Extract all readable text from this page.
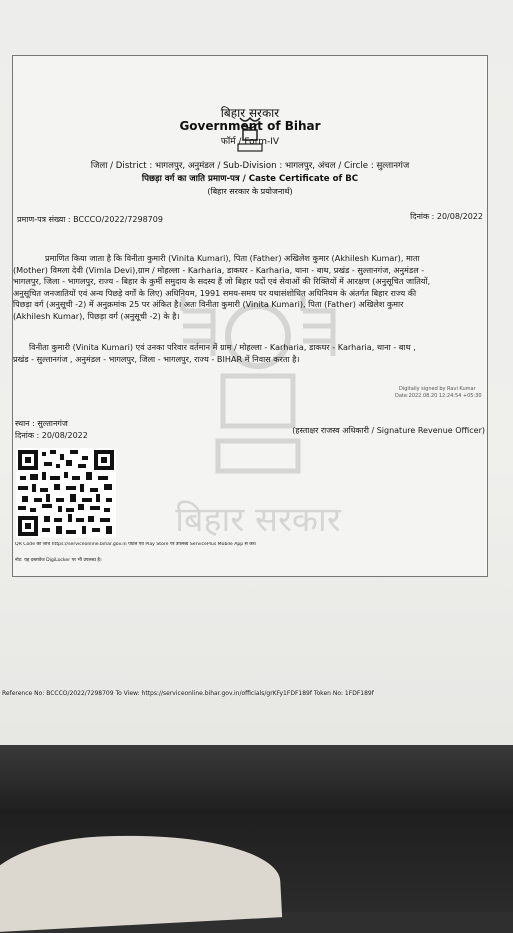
बिहार सरकार
बिहार सरकार
Government of Bihar
फॉर्म / Form-IV
जिला / District : भागलपुर, अनुमंडल / Sub-Division : भागलपुर, अंचल / Circle : सुल्तानगंज
पिछड़ा वर्ग का जाति प्रमाण-पत्र / Caste Certificate of BC
(बिहार सरकार के प्रयोजनार्थ)
प्रमाण-पत्र संख्या : BCCCO/2022/7298709	दिनांक : 20/08/2022
प्रमाणित किया जाता है कि विनीता कुमारी (Vinita Kumari), पिता (Father) अखिलेश कुमार (Akhilesh Kumar), माता
(Mother) विमला देवी (Vimla Devi),ग्राम / मोहल्ला - Karharia, डाकघर - Karharia, थाना - बाथ, प्रखंड - सुल्तानगंज, अनुमंडल -
भागलपुर, जिला - भागलपुर, राज्य - बिहार के कुर्मी समुदाय के सदस्य हैं जो बिहार पदों एवं सेवाओं की रिक्तियों में आरक्षण (अनुसूचित जातियों,
अनुसूचित जनजातियों एवं अन्य पिछड़े वर्गों के लिए) अधिनियम, 1991 समय-समय पर यथासंशोधित अधिनियम के अंतर्गत बिहार राज्य की
पिछड़ा वर्ग (अनुसूची -2) में अनुक्रमांक 25 पर अंकित है। अतः विनीता कुमारी (Vinita Kumari), पिता (Father) अखिलेश कुमार
(Akhilesh Kumar), पिछड़ा वर्ग (अनुसूची -2) के है।
विनीता कुमारी (Vinita Kumari) एवं उनका परिवार वर्तमान में ग्राम / मोहल्ला - Karharia, डाकघर - Karharia, थाना - बाथ ,
प्रखंड - सुल्तानगंज , अनुमंडल - भागलपुर, जिला - भागलपुर, राज्य - BIHAR में निवास करता है।
Digitally signed by Ravi Kumar
Date:2022.08.20 12:24:54 +05:30
स्थान : सुल्तानगंज
दिनांक : 20/08/2022
(हस्ताक्षर राजस्व अधिकारी / Signature Revenue Officer)
QR Code की जाँच https://serviceonline.bihar.gov.in पोर्टल एवं Play Store पर उपलब्ध ServicePlus Mobile App से करें।
नोट: यह दस्तावेज DigiLocker पर भी उपलब्ध है।
Reference No: BCCCO/2022/7298709 To View: https://serviceonline.bihar.gov.in/officials/grKFy1FDF189f Token No: 1FDF189f
